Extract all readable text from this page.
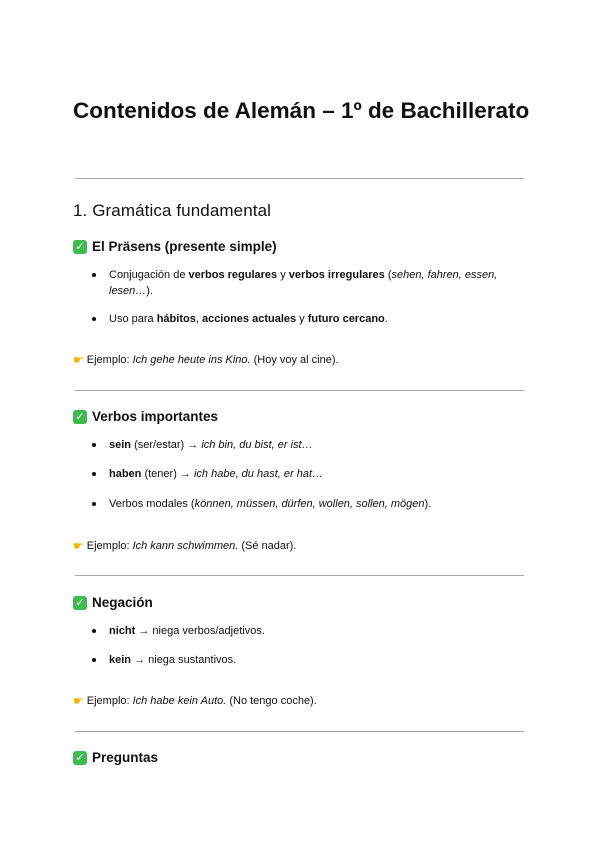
Contenidos de Alemán – 1º de Bachillerato
1. Gramática fundamental
✓ El Präsens (presente simple)
Conjugación de verbos regulares y verbos irregulares (sehen, fahren, essen, lesen…).
Uso para hábitos, acciones actuales y futuro cercano.
☛ Ejemplo: Ich gehe heute ins Kino. (Hoy voy al cine).
✓ Verbos importantes
sein (ser/estar) → ich bin, du bist, er ist…
haben (tener) → ich habe, du hast, er hat…
Verbos modales (können, müssen, dürfen, wollen, sollen, mögen).
☛ Ejemplo: Ich kann schwimmen. (Sé nadar).
✓ Negación
nicht → niega verbos/adjetivos.
kein → niega sustantivos.
☛ Ejemplo: Ich habe kein Auto. (No tengo coche).
✓ Preguntas
